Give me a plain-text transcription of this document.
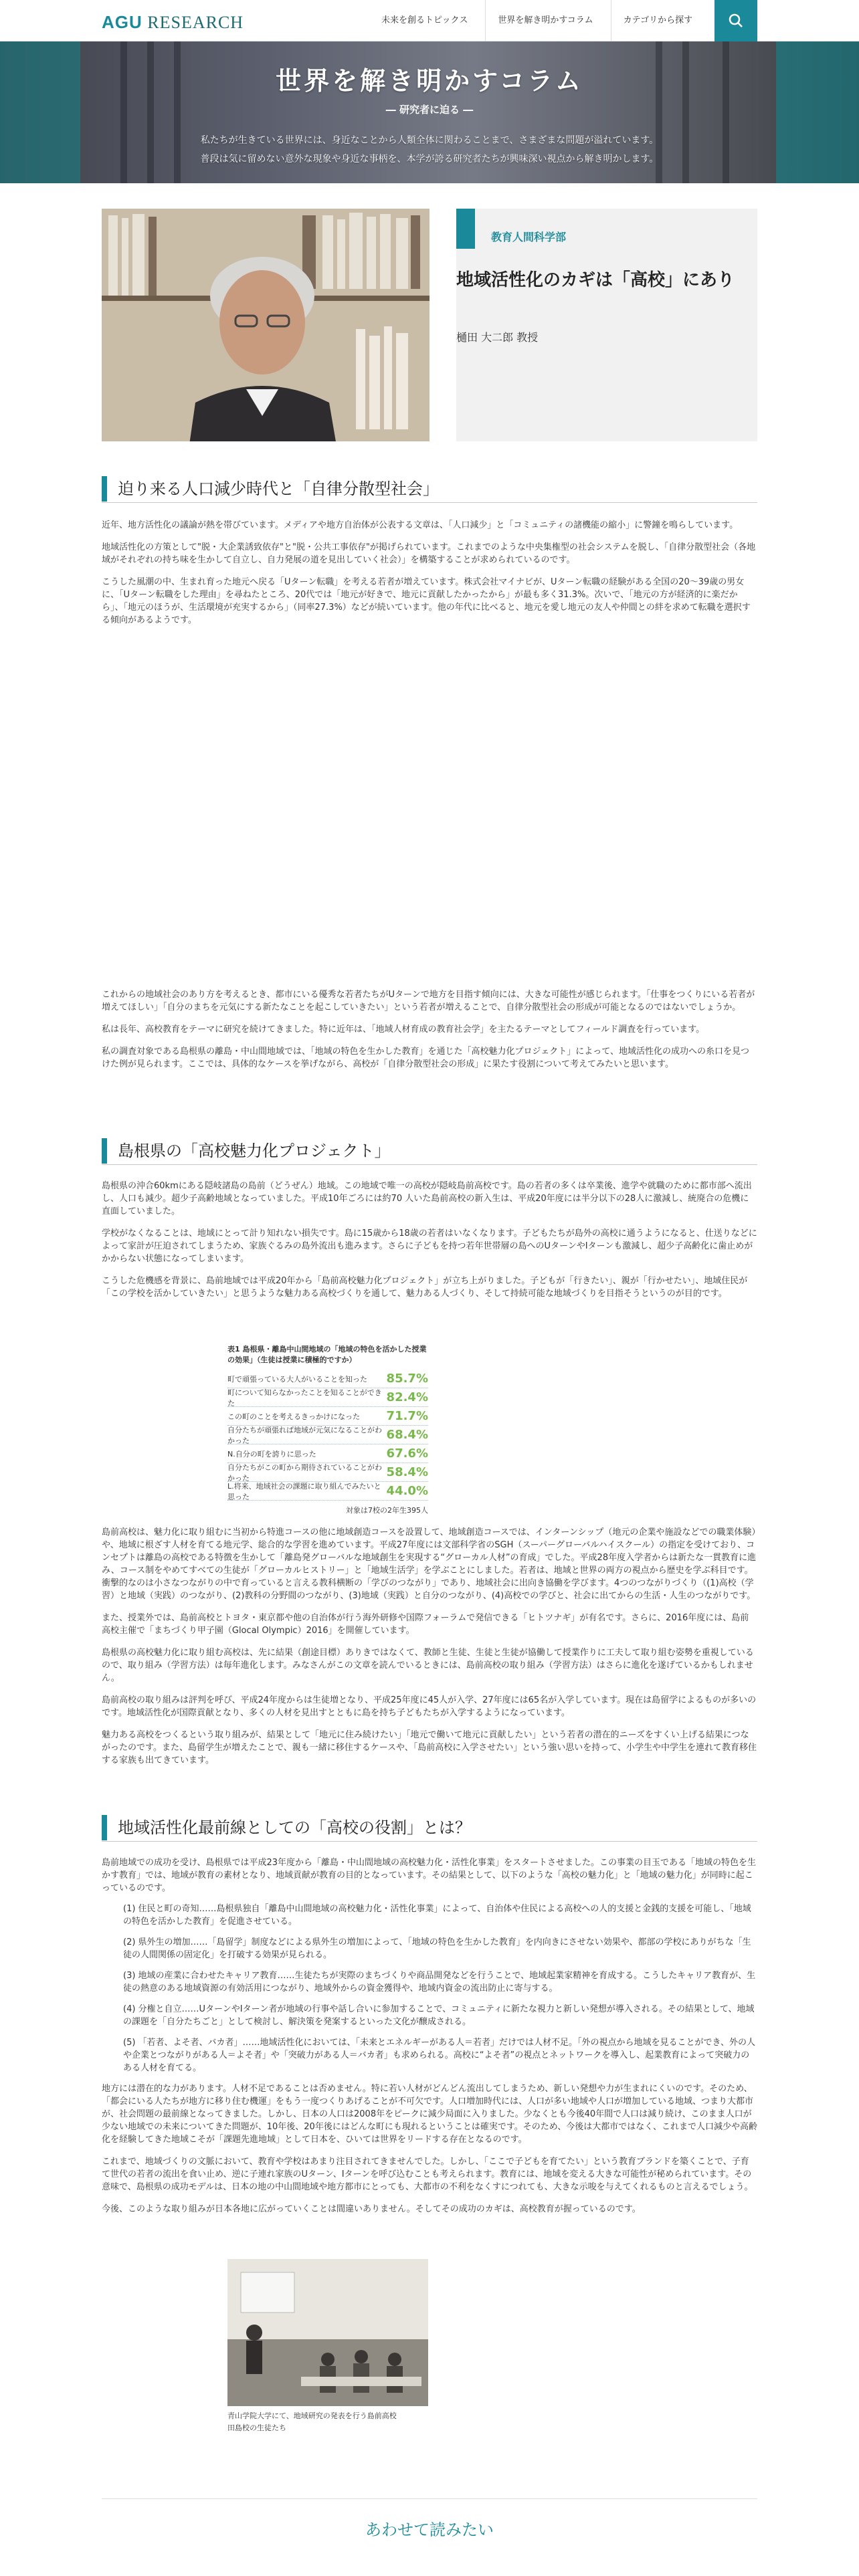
AGU RESEARCH	未来を創るトピックス	世界を解き明かすコラム	カテゴリから探す
世界を解き明かすコラム
― 研究者に迫る ―
私たちが生きている世界には、身近なことから人類全体に関わることまで、さまざまな問題が溢れています。
普段は気に留めない意外な現象や身近な事柄を、本学が誇る研究者たちが興味深い視点から解き明かします。
教育人間科学部
地域活性化のカギは「高校」にあり
樋田 大二郎 教授
迫り来る人口減少時代と「自律分散型社会」
近年、地方活性化の議論が熱を帯びています。メディアや地方自治体が公表する文章は、「人口減少」と「コミュニティの諸機能の縮小」に警鐘を鳴らしています。
地域活性化の方策として"脱・大企業誘致依存"と"脱・公共工事依存"が掲げられています。これまでのような中央集権型の社会システムを脱し、「自律分散型社会（各地域がそれぞれの持ち味を生かして自立し、自力発展の道を見出していく社会）」を構築することが求められているのです。
こうした風潮の中、生まれ育った地元へ戻る「Uターン転職」を考える若者が増えています。株式会社マイナビが、Uターン転職の経験がある全国の20～39歳の男女に、「Uターン転職をした理由」を尋ねたところ、20代では「地元が好きで、地元に貢献したかったから」が最も多く31.3%。次いで、「地元の方が経済的に楽だから」、「地元のほうが、生活環境が充実するから」（同率27.3%）などが続いています。他の年代に比べると、地元を愛し地元の友人や仲間との絆を求めて転職を選択する傾向があるようです。
これからの地域社会のあり方を考えるとき、都市にいる優秀な若者たちがUターンで地方を目指す傾向には、大きな可能性が感じられます。「仕事をつくりにいる若者が増えてほしい」「自分のまちを元気にする新たなことを起こしていきたい」という若者が増えることで、自律分散型社会の形成が可能となるのではないでしょうか。
私は長年、高校教育をテーマに研究を続けてきました。特に近年は、「地域人材育成の教育社会学」を主たるテーマとしてフィールド調査を行っています。
私の調査対象である島根県の離島・中山間地域では、「地域の特色を生かした教育」を通じた「高校魅力化プロジェクト」によって、地域活性化の成功への糸口を見つけた例が見られます。ここでは、具体的なケースを挙げながら、高校が「自律分散型社会の形成」に果たす役割について考えてみたいと思います。
島根県の「高校魅力化プロジェクト」
島根県の沖合60kmにある隠岐諸島の島前（どうぜん）地域。この地域で唯一の高校が隠岐島前高校です。島の若者の多くは卒業後、進学や就職のために都市部へ流出し、人口も減少。超少子高齢地域となっていました。平成10年ごろには約70 人いた島前高校の新入生は、平成20年度には半分以下の28人に激減し、統廃合の危機に直面していました。
学校がなくなることは、地域にとって計り知れない損失です。島に15歳から18歳の若者はいなくなります。子どもたちが島外の高校に通うようになると、仕送りなどによって家計が圧迫されてしまうため、家族ぐるみの島外流出も進みます。さらに子どもを持つ若年世帯層の島へのUターンやIターンも激減し、超少子高齢化に歯止めがかからない状態になってしまいます。
こうした危機感を背景に、島前地域では平成20年から「島前高校魅力化プロジェクト」が立ち上がりました。子どもが「行きたい」、親が「行かせたい」、地域住民が「この学校を活かしていきたい」と思うような魅力ある高校づくりを通して、魅力ある人づくり、そして持続可能な地域づくりを目指そうというのが目的です。
表1 島根県・離島中山間地域の「地域の特色を活かした授業の効果」（生徒は授業に積極的ですか）
町で頑張っている大人がいることを知った 85.7%
町について知らなかったことを知ることができた	82.4%
この町のことを考えるきっかけになった 71.7%
自分たちが頑張れば地域が元気になることがわかった	68.4%
N.自分の町を誇りに思った	67.6%
自分たちがこの町から期待されていることがわかった	58.4%
L.将来、地域社会の課題に取り組んでみたいと思った	44.0%
対象は7校の2年生395人
島前高校は、魅力化に取り組むに当初から特進コースの他に地域創造コースを設置して、地域創造コースでは、インターンシップ（地元の企業や施設などでの職業体験）や、地域に根ざす人材を育てる地元学、総合的な学習を進めています。平成27年度には文部科学省のSGH（スーパーグローバルハイスクール）の指定を受けており、コンセプトは離島の高校である特徴を生かして「離島発グローバルな地域創生を実現する“グローカル人材”の育成」でした。平成28年度入学者からは新たな一貫教育に進み、コース制をやめてすべての生徒が「グローカルヒストリー」と「地域生活学」を学ぶことにしました。若者は、地域と世界の両方の視点から歴史を学ぶ科目です。衝撃的なのは小さなつながりの中で育っていると言える教科横断の「学びのつながり」であり、地域社会に出向き協働を学びます。4つのつながりづくり（(1)高校（学習）と地域（実践）のつながり、(2)教科の分野間のつながり、(3)地域（実践）と自分のつながり、(4)高校での学びと、社会に出てからの生活・人生のつながりです。
また、授業外では、島前高校とトヨタ・東京都や他の自治体が行う海外研修や国際フォーラムで発信できる「ヒトツナギ」が有名です。さらに、2016年度には、島前高校主催で「まちづくり甲子園（Glocal Olympic）2016」を開催しています。
島根県の高校魅力化に取り組む高校は、先に結果（創途目標）ありきではなくて、教師と生徒、生徒と生徒が協働して授業作りに工夫して取り組む姿勢を重視しているので、取り組み（学習方法）は毎年進化します。みなさんがこの文章を読んでいるときには、島前高校の取り組み（学習方法）はさらに進化を遂げているかもしれません。
島前高校の取り組みは評判を呼び、平成24年度からは生徒増となり、平成25年度に45人が入学、27年度には65名が入学しています。現在は島留学によるものが多いのです。地域活性化が国際貢献となり、多くの人材を見出すとともに島を持ち子どもたちが入学するようになっています。
魅力ある高校をつくるという取り組みが、結果として「地元に住み続けたい」「地元で働いて地元に貢献したい」という若者の潜在的ニーズをすくい上げる結果につながったのです。また、島留学生が増えたことで、親も一緒に移住するケースや、「島前高校に入学させたい」という強い思いを持って、小学生や中学生を連れて教育移住する家族も出てきています。
地域活性化最前線としての「高校の役割」とは？
島前地域での成功を受け、島根県では平成23年度から「離島・中山間地域の高校魅力化・活性化事業」をスタートさせました。この事業の目玉である「地域の特色を生かす教育」では、地域が教育の素材となり、地域貢献が教育の目的となっています。その結果として、以下のような「高校の魅力化」と「地域の魅力化」が同時に起こっているのです。
(1) 住民と町の奇知……島根県独自「離島中山間地域の高校魅力化・活性化事業」によって、自治体や住民による高校への人的支援と金銭的支援を可能し、「地域の特色を活かした教育」を促進させている。
(2) 県外生の増加……「島留学」制度などによる県外生の増加によって、「地域の特色を生かした教育」を内向きにさせない効果や、都部の学校にありがちな「生徒の人間関係の固定化」を打破する効果が見られる。
(3) 地域の産業に合わせたキャリア教育……生徒たちが実際のまちづくりや商品開発などを行うことで、地域起業家精神を育成する。こうしたキャリア教育が、生徒の熱意のある地域資源の有効活用につながり、地域外からの資金獲得や、地域内資金の流出防止に寄与する。
(4) 分権と自立……UターンやIターン者が地域の行事や話し合いに参加することで、コミュニティに新たな視力と新しい発想が導入される。その結果として、地域の課題を「自分たちごと」として検討し、解決策を発案するといった文化が醸成される。
(5) 「若者、よそ者、バカ者」……地域活性化においては、「未来とエネルギーがある人＝若者」だけでは人材不足。「外の視点から地域を見ることができ、外の人や企業とつながりがある人＝よそ者」や「突破力がある人＝バカ者」も求められる。高校に“よそ者”の視点とネットワークを導入し、起業教育によって突破力のある人材を育てる。
地方には潜在的な力があります。人材不足であることは否めません。特に若い人材がどんどん流出してしまうため、新しい発想や力が生まれにくいのです。そのため、「都会にいる人たちが地方に移り住む機運」をもう一度つくりあげることが不可欠です。人口増加時代には、人口が多い地域や人口が増加している地域、つまり大都市が、社会問題の最前線となってきました。しかし、日本の人口は2008年をピークに減少局面に入りました。少なくとも今後40年間で人口は減り続け、このまま人口が少ない地域での未来についてきた問題が、10年後、20年後にはどんな町にも現れるということは確実です。そのため、今後は大都市ではなく、これまで人口減少や高齢化を経験してきた地域こそが「課題先進地域」として日本を、ひいては世界をリードする存在となるのです。
これまで、地域づくりの文脈において、教育や学校はあまり注目されてきませんでした。しかし、「ここで子どもを育てたい」という教育ブランドを築くことで、子育て世代の若者の流出を食い止め、逆に子連れ家族のUターン、Iターンを呼び込むことも考えられます。教育には、地域を変える大きな可能性が秘められています。その意味で、島根県の成功モデルは、日本の地の中山間地域や地方都市にとっても、大都市の不利をなくすにつれても、大きな示唆を与えてくれるものと言えるでしょう。
今後、このような取り組みが日本各地に広がっていくことは間違いありません。そしてその成功のカギは、高校教育が握っているのです。
青山学院大学にて、地域研究の発表を行う島前高校
田島校の生徒たち
あわせて読みたい
